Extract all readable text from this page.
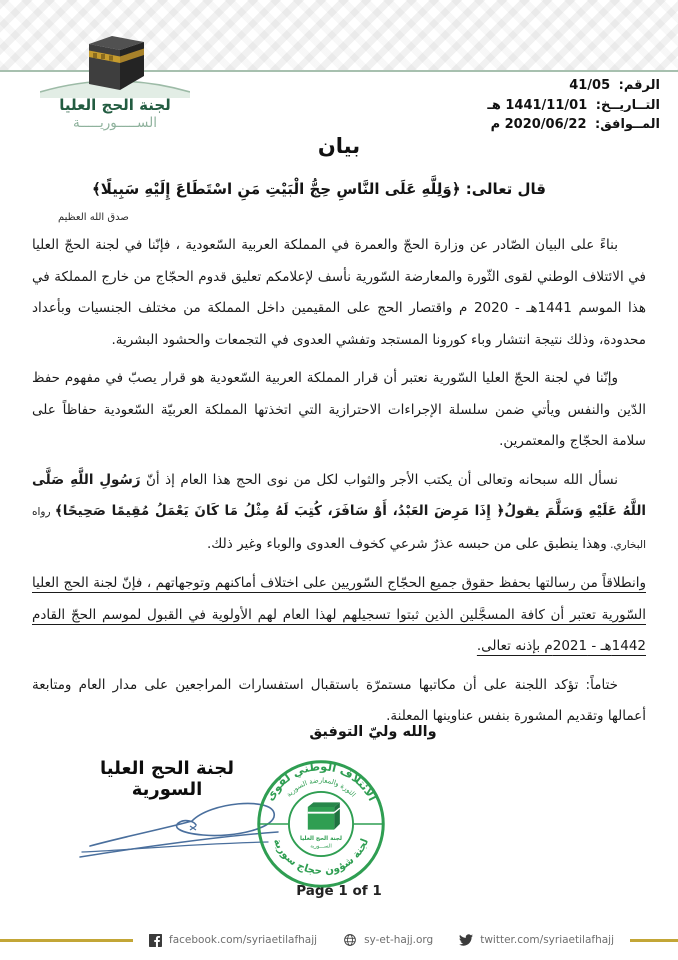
لجنة الحج العليا
الســـــوريـــــة
الرقم: 41/05
التــاريــخ: 1441/11/01 هـ
المــوافق: 2020/06/22 م
بيان
قال تعالى: ﴿وَلِلَّهِ عَلَى النَّاسِ حِجُّ الْبَيْتِ مَنِ اسْتَطَاعَ إِلَيْهِ سَبِيلًا﴾
صدق الله العظيم

بناءً على البيان الصّادر عن وزارة الحجّ والعمرة في المملكة العربية السّعودية ، فإنّنا في لجنة الحجّ العليا في الائتلاف الوطني لقوى الثّورة والمعارضة السّورية نأسف لإعلامكم تعليق قدوم الحجّاج من خارج المملكة في هذا الموسم 1441هـ - 2020 م واقتصار الحج على المقيمين داخل المملكة من مختلف الجنسيات وبأعداد محدودة، وذلك نتيجة انتشار وباء كورونا المستجد وتفشي العدوى في التجمعات والحشود البشرية.

وإنّنا في لجنة الحجّ العليا السّورية نعتبر أن قرار المملكة العربية السّعودية هو قرار يصبّ في مفهوم حفظ الدّين والنفس ويأتي ضمن سلسلة الإجراءات الاحترازية التي اتخذتها المملكة العربيّة السّعودية حفاظاً على سلامة الحجّاج والمعتمرين.

نسأل الله سبحانه وتعالى أن يكتب الأجر والثواب لكل من نوى الحج هذا العام إذ أنّ رَسُولِ اللَّهِ صَلَّى اللَّهُ عَلَيْهِ وَسَلَّمَ يقولُ﴿ إِذَا مَرِضَ العَبْدُ، أَوْ سَافَرَ، كُتِبَ لَهُ مِثْلُ مَا كَانَ يَعْمَلُ مُقِيمًا صَحِيحًا﴾ رواه البخاري. وهذا ينطبق على من حبسه عذرٌ شرعي كخوف العدوى والوباء وغير ذلك.

وانطلاقاً من رسالتها بحفظ حقوق جميع الحجّاج السّوريين على اختلاف أماكنهم وتوجهاتهم ، فإنّ لجنة الحج العليا السّورية تعتبر أن كافة المسجَّلين الذين ثبتوا تسجيلهم لهذا العام لهم الأولوية في القبول لموسم الحجّ القادم 1442هـ - 2021م بإذنه تعالى.

ختاماً: تؤكد اللجنة على أن مكاتبها مستمرّة باستقبال استفسارات المراجعين على مدار العام ومتابعة أعمالها وتقديم المشورة بنفس عناوينها المعلنة.

والله وليّ التوفيق
لجنة الحج العليا السورية	الائتلاف الوطني لقوى
الثورة والمعارضة السورية
لجنة شؤون حجاج سورية
لجنة الحج العليا
الســـورية
Page 1 of 1
facebook.com/syriaetilafhajj	sy-et-hajj.org	twitter.com/syriaetilafhajj
